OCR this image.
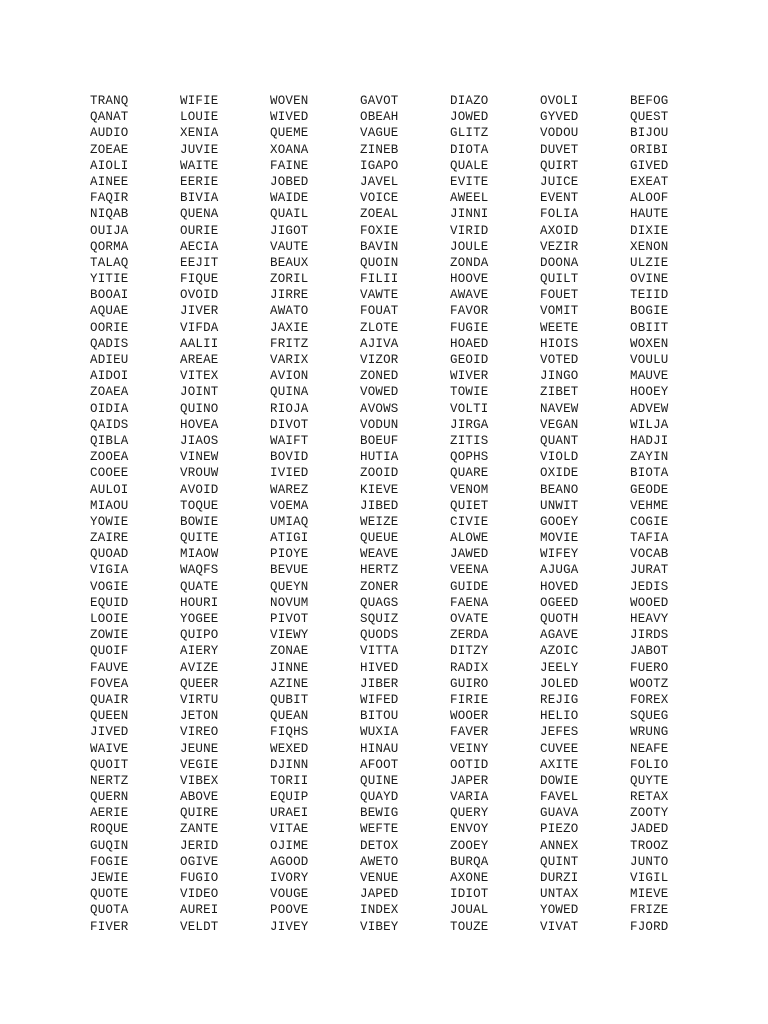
TRANQ	WIFIE	WOVEN	GAVOT	DIAZO	OVOLI	BEFOG
QANAT	LOUIE	WIVED	OBEAH	JOWED	GYVED	QUEST
AUDIO	XENIA	QUEME	VAGUE	GLITZ	VODOU	BIJOU
ZOEAE	JUVIE	XOANA	ZINEB	DIOTA	DUVET	ORIBI
AIOLI	WAITE	FAINE	IGAPO	QUALE	QUIRT	GIVED
AINEE	EERIE	JOBED	JAVEL	EVITE	JUICE	EXEAT
FAQIR	BIVIA	WAIDE	VOICE	AWEEL	EVENT	ALOOF
NIQAB	QUENA	QUAIL	ZOEAL	JINNI	FOLIA	HAUTE
OUIJA	OURIE	JIGOT	FOXIE	VIRID	AXOID	DIXIE
QORMA	AECIA	VAUTE	BAVIN	JOULE	VEZIR	XENON
TALAQ	EEJIT	BEAUX	QUOIN	ZONDA	DOONA	ULZIE
YITIE	FIQUE	ZORIL	FILII	HOOVE	QUILT	OVINE
BOOAI	OVOID	JIRRE	VAWTE	AWAVE	FOUET	TEIID
AQUAE	JIVER	AWATO	FOUAT	FAVOR	VOMIT	BOGIE
OORIE	VIFDA	JAXIE	ZLOTE	FUGIE	WEETE	OBIIT
QADIS	AALII	FRITZ	AJIVA	HOAED	HIOIS	WOXEN
ADIEU	AREAE	VARIX	VIZOR	GEOID	VOTED	VOULU
AIDOI	VITEX	AVION	ZONED	WIVER	JINGO	MAUVE
ZOAEA	JOINT	QUINA	VOWED	TOWIE	ZIBET	HOOEY
OIDIA	QUINO	RIOJA	AVOWS	VOLTI	NAVEW	ADVEW
QAIDS	HOVEA	DIVOT	VODUN	JIRGA	VEGAN	WILJA
QIBLA	JIAOS	WAIFT	BOEUF	ZITIS	QUANT	HADJI
ZOOEA	VINEW	BOVID	HUTIA	QOPHS	VIOLD	ZAYIN
COOEE	VROUW	IVIED	ZOOID	QUARE	OXIDE	BIOTA
AULOI	AVOID	WAREZ	KIEVE	VENOM	BEANO	GEODE
MIAOU	TOQUE	VOEMA	JIBED	QUIET	UNWIT	VEHME
YOWIE	BOWIE	UMIAQ	WEIZE	CIVIE	GOOEY	COGIE
ZAIRE	QUITE	ATIGI	QUEUE	ALOWE	MOVIE	TAFIA
QUOAD	MIAOW	PIOYE	WEAVE	JAWED	WIFEY	VOCAB
VIGIA	WAQFS	BEVUE	HERTZ	VEENA	AJUGA	JURAT
VOGIE	QUATE	QUEYN	ZONER	GUIDE	HOVED	JEDIS
EQUID	HOURI	NOVUM	QUAGS	FAENA	OGEED	WOOED
LOOIE	YOGEE	PIVOT	SQUIZ	OVATE	QUOTH	HEAVY
ZOWIE	QUIPO	VIEWY	QUODS	ZERDA	AGAVE	JIRDS
QUOIF	AIERY	ZONAE	VITTA	DITZY	AZOIC	JABOT
FAUVE	AVIZE	JINNE	HIVED	RADIX	JEELY	FUERO
FOVEA	QUEER	AZINE	JIBER	GUIRO	JOLED	WOOTZ
QUAIR	VIRTU	QUBIT	WIFED	FIRIE	REJIG	FOREX
QUEEN	JETON	QUEAN	BITOU	WOOER	HELIO	SQUEG
JIVED	VIREO	FIQHS	WUXIA	FAVER	JEFES	WRUNG
WAIVE	JEUNE	WEXED	HINAU	VEINY	CUVEE	NEAFE
QUOIT	VEGIE	DJINN	AFOOT	OOTID	AXITE	FOLIO
NERTZ	VIBEX	TORII	QUINE	JAPER	DOWIE	QUYTE
QUERN	ABOVE	EQUIP	QUAYD	VARIA	FAVEL	RETAX
AERIE	QUIRE	URAEI	BEWIG	QUERY	GUAVA	ZOOTY
ROQUE	ZANTE	VITAE	WEFTE	ENVOY	PIEZO	JADED
GUQIN	JERID	OJIME	DETOX	ZOOEY	ANNEX	TROOZ
FOGIE	OGIVE	AGOOD	AWETO	BURQA	QUINT	JUNTO
JEWIE	FUGIO	IVORY	VENUE	AXONE	DURZI	VIGIL
QUOTE	VIDEO	VOUGE	JAPED	IDIOT	UNTAX	MIEVE
QUOTA	AUREI	POOVE	INDEX	JOUAL	YOWED	FRIZE
FIVER	VELDT	JIVEY	VIBEY	TOUZE	VIVAT	FJORD
